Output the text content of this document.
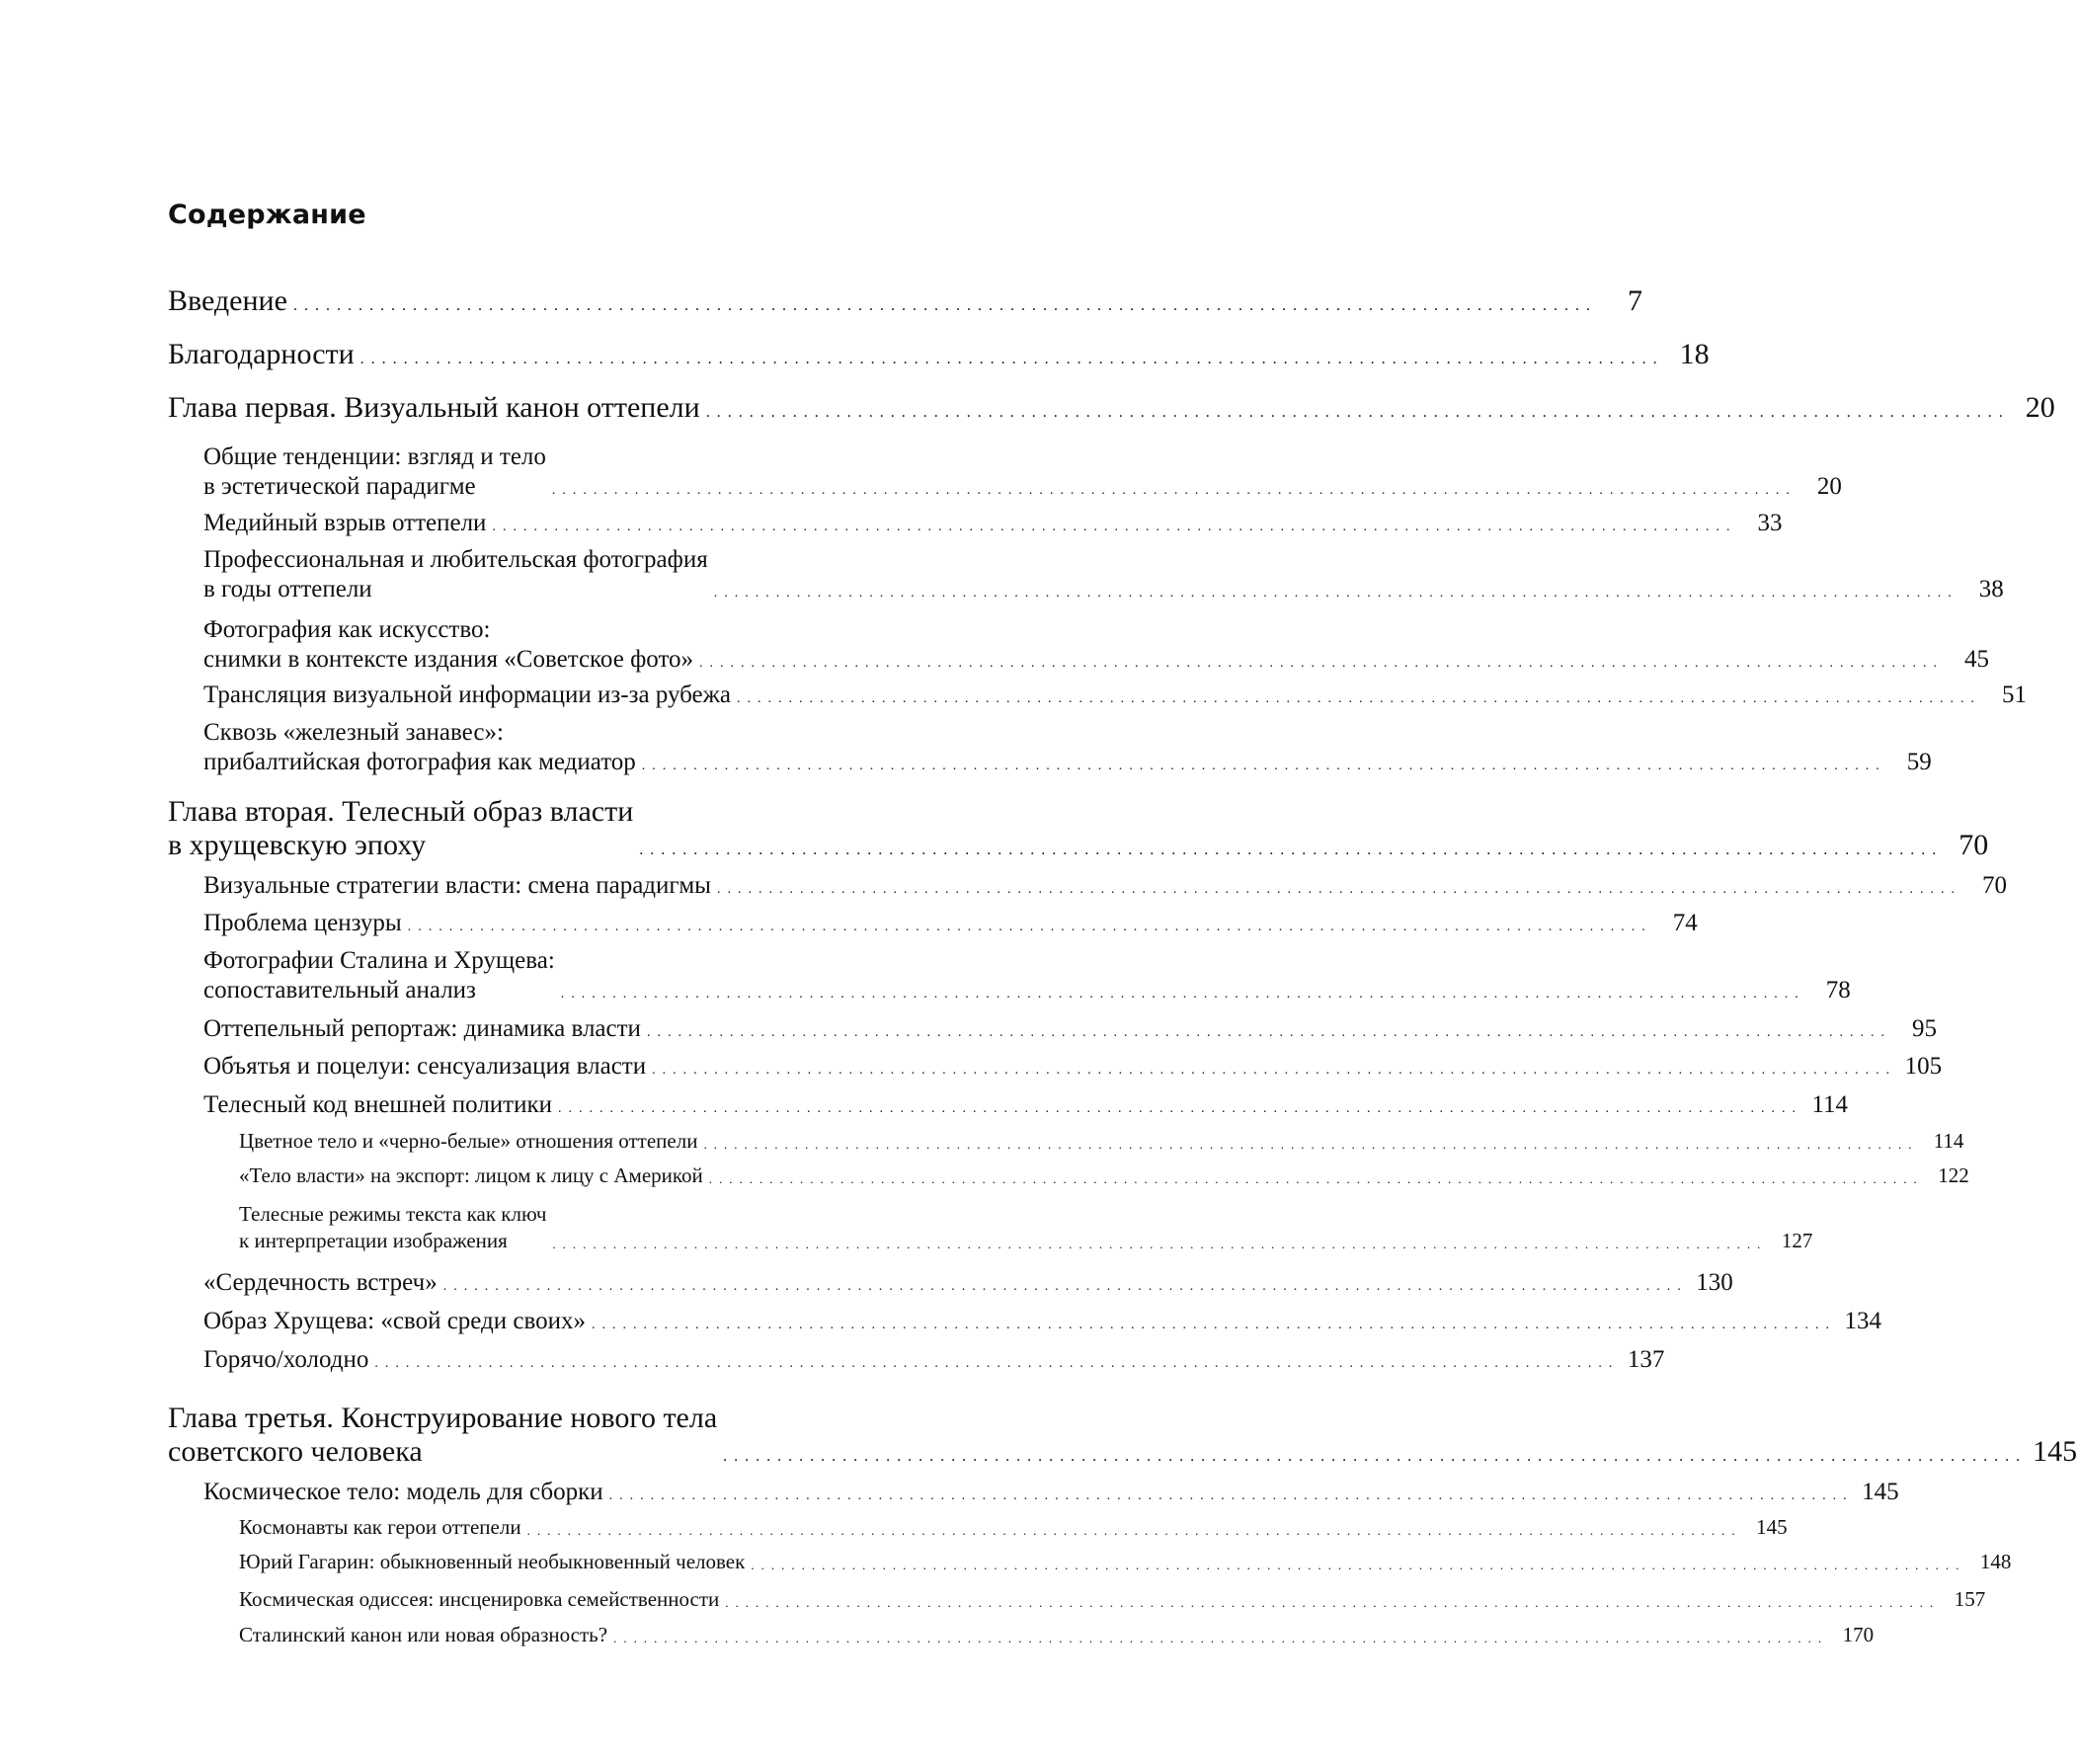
Содержание
Введение ........................................................................................................................	7
Благодарности ........................................................................................................................ 18
Глава первая. Визуальный канон оттепели ........................................................................................................................ 20
Общие тенденции: взгляд и тело
в эстетической парадигме	........................................................................................................................ 20
Медийный взрыв оттепели ........................................................................................................................ 33
Профессиональная и любительская фотография
в годы оттепели	........................................................................................................................ 38
Фотография как искусство:
снимки в контексте издания «Советское фото» ........................................................................................................................ 45
Трансляция визуальной информации из-за рубежа ........................................................................................................................ 51
Сквозь «железный занавес»:
прибалтийская фотография как медиатор ........................................................................................................................ 59
Глава вторая. Телесный образ власти
в хрущевскую эпоху	........................................................................................................................ 70
Визуальные стратегии власти: смена парадигмы ........................................................................................................................ 70
Проблема цензуры ........................................................................................................................ 74
Фотографии Сталина и Хрущева:
сопоставительный анализ	........................................................................................................................ 78
Оттепельный репортаж: динамика власти ........................................................................................................................ 95
Объятья и поцелуи: сенсуализация власти ........................................................................................................................ 105
Телесный код внешней политики ........................................................................................................................ 114
Цветное тело и «черно-белые» отношения оттепели ........................................................................................................................ 114
«Тело власти» на экспорт: лицом к лицу с Америкой ........................................................................................................................ 122
Телесные режимы текста как ключ
к интерпретации изображения	........................................................................................................................ 127
«Сердечность встреч» ........................................................................................................................ 130
Образ Хрущева: «свой среди своих» ........................................................................................................................ 134
Горячо/холодно ........................................................................................................................ 137
Глава третья. Конструирование нового тела
советского человека	........................................................................................................................ 145
Космическое тело: модель для сборки ........................................................................................................................ 145
Космонавты как герои оттепели ........................................................................................................................ 145
Юрий Гагарин: обыкновенный необыкновенный человек ........................................................................................................................ 148
Космическая одиссея: инсценировка семейственности ........................................................................................................................ 157
Сталинский канон или новая образность? ........................................................................................................................ 170
